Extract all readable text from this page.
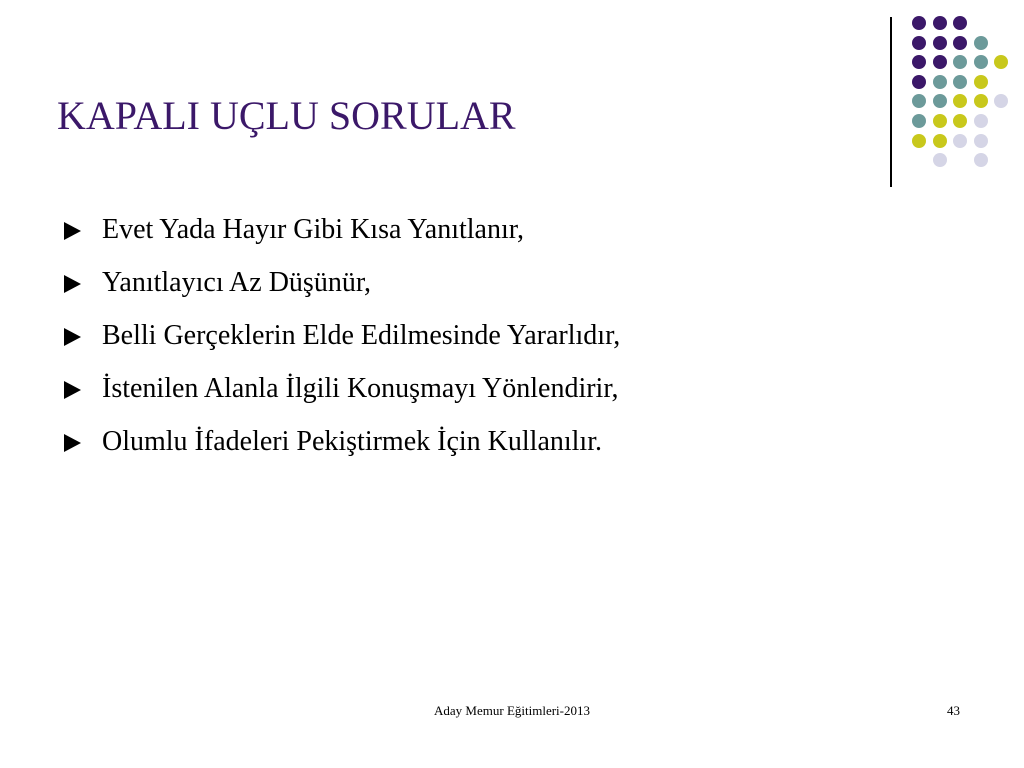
KAPALI UÇLU SORULAR
Evet Yada Hayır Gibi Kısa Yanıtlanır,
Yanıtlayıcı Az Düşünür,
Belli Gerçeklerin Elde Edilmesinde Yararlıdır,
İstenilen Alanla İlgili Konuşmayı Yönlendirir,
Olumlu İfadeleri Pekiştirmek İçin Kullanılır.
Aday Memur Eğitimleri-2013	43
